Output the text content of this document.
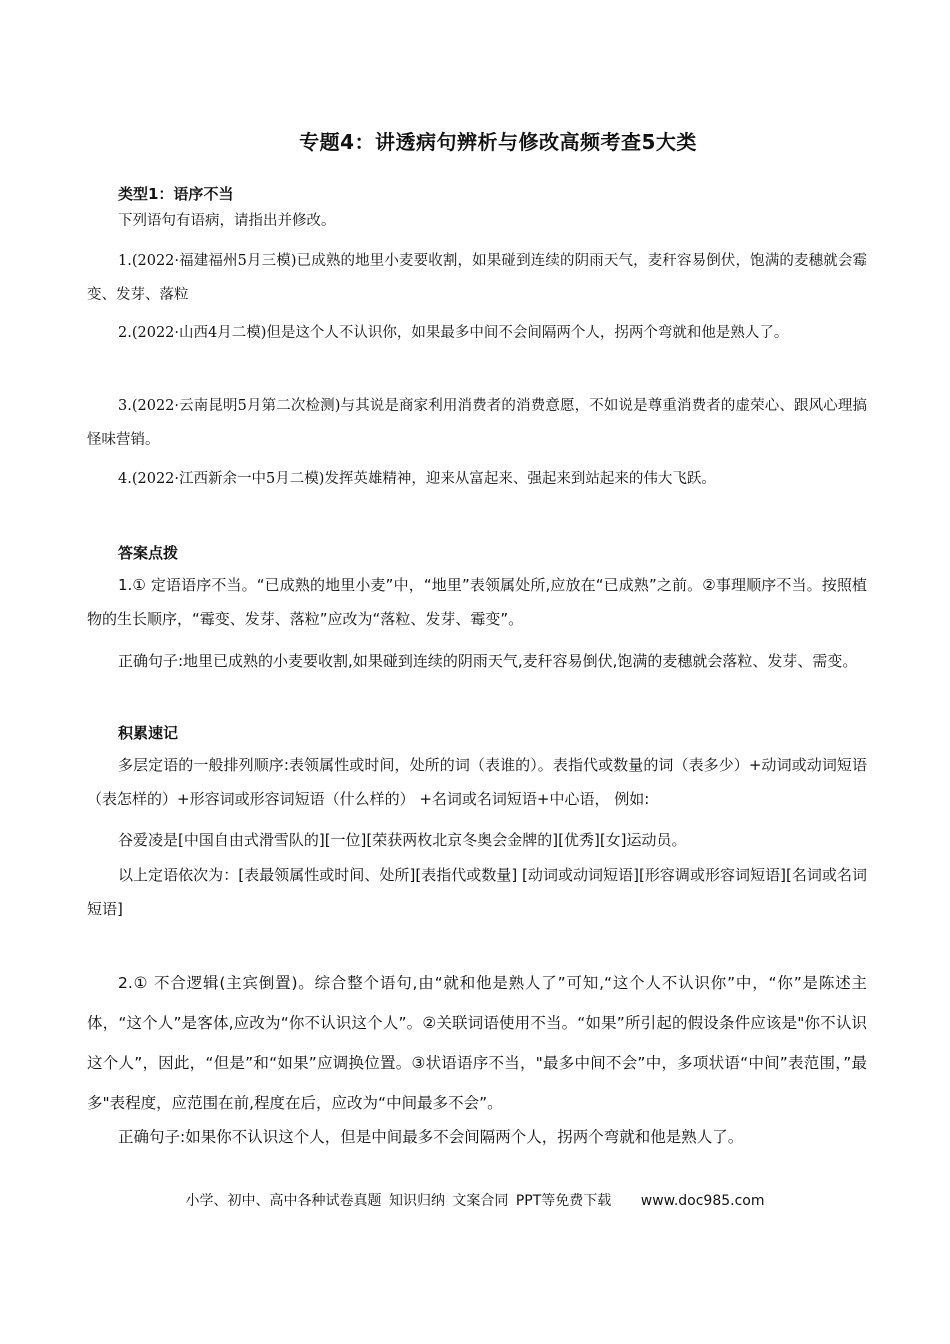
专题4：讲透病句辨析与修改高频考查5大类
类型1：语序不当
下列语句有语病，请指出并修改。
1.(2022·福建福州5月三模)已成熟的地里小麦要收割，如果碰到连续的阴雨天气，麦秆容易倒伏，饱满的麦穗就会霉变、发芽、落粒
2.(2022·山西4月二模)但是这个人不认识你，如果最多中间不会间隔两个人，拐两个弯就和他是熟人了。
3.(2022·云南昆明5月第二次检测)与其说是商家利用消费者的消费意愿，不如说是尊重消费者的虚荣心、跟风心理搞怪味营销。
4.(2022·江西新余一中5月二模)发挥英雄精神，迎来从富起来、强起来到站起来的伟大飞跃。
答案点拨
1.① 定语语序不当。“已成熟的地里小麦”中，“地里”表领属处所,应放在“已成熟”之前。②事理顺序不当。按照植物的生长顺序，“霉变、发芽、落粒”应改为“落粒、发芽、霉变”。
正确句子:地里已成熟的小麦要收割,如果碰到连续的阴雨天气,麦秆容易倒伏,饱满的麦穗就会落粒、发芽、需变。
积累速记
多层定语的一般排列顺序:表领属性或时间，处所的词（表谁的）。表指代或数量的词（表多少）+动词或动词短语（表怎样的）+形容词或形容词短语（什么样的） +名词或名词短语+中心语， 例如:
谷爱凌是[中国自由式滑雪队的][一位][荣获两枚北京冬奥会金牌的][优秀][女]运动员。
以上定语依次为：[表最领属性或时间、处所][表指代或数量] [动词或动词短语][形容调或形容词短语][名词或名词短语]
2.① 不合逻辑(主宾倒置)。综合整个语句,由“就和他是熟人了”可知,“这个人不认识你”中，“你”是陈述主体，“这个人”是客体,应改为“你不认识这个人”。②关联词语使用不当。“如果”所引起的假设条件应该是"你不认识这个人”，因此，“但是”和“如果”应调换位置。③状语语序不当，"最多中间不会”中，多项状语“中间”表范围，”最多"表程度，应范围在前,程度在后，应改为“中间最多不会”。
正确句子:如果你不认识这个人，但是中间最多不会间隔两个人，拐两个弯就和他是熟人了。
小学、初中、高中各种试卷真题 知识归纳 文案合同 PPT等免费下载 www.doc985.com
